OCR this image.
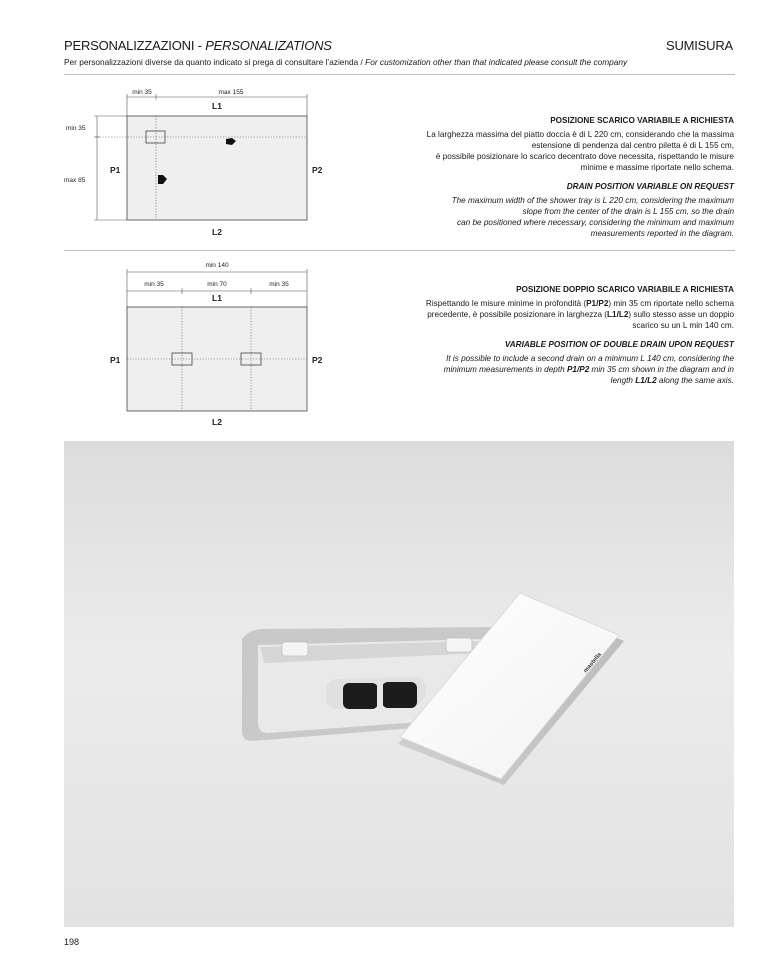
PERSONALIZZAZIONI - PERSONALIZATIONS	SUMISURA
Per personalizzazioni diverse da quanto indicato si prega di consultare l’azienda / For customization other than that indicated please consult the company
min 35	max 155
L1
min 35
max 85
P1	P2
L2

POSIZIONE SCARICO VARIABILE A RICHIESTA

La larghezza massima del piatto doccia è di L 220 cm, considerando che la massima

estensione di pendenza dal centro piletta è di L 155 cm,

è possibile posizionare lo scarico decentrato dove necessita, rispettando le misure

minime e massime riportate nello schema.

DRAIN POSITION VARIABLE ON REQUEST

The maximum width of the shower tray is L 220 cm, considering the maximum

slope from the center of the drain is L 155 cm, so the drain

can be positioned where necessary, considering the minimum and maximum

measurements reported in the diagram.

min 140
min 35	min 70	min 35
L1
P1	P2
L2

POSIZIONE DOPPIO SCARICO VARIABILE A RICHIESTA

Rispettando le misure minime in profondità (P1/P2) min 35 cm riportate nello schema

precedente, è possibile posizionare in larghezza (L1/L2) sullo stesso asse un doppio

scarico su un L min 140 cm.

VARIABLE POSITION OF DOUBLE DRAIN UPON REQUEST

It is possible to include a second drain on a minimum L 140 cm, considering the

minimum measurements in depth P1/P2 min 35 cm shown in the diagram and in

length L1/L2 along the same axis.

mastella
198
